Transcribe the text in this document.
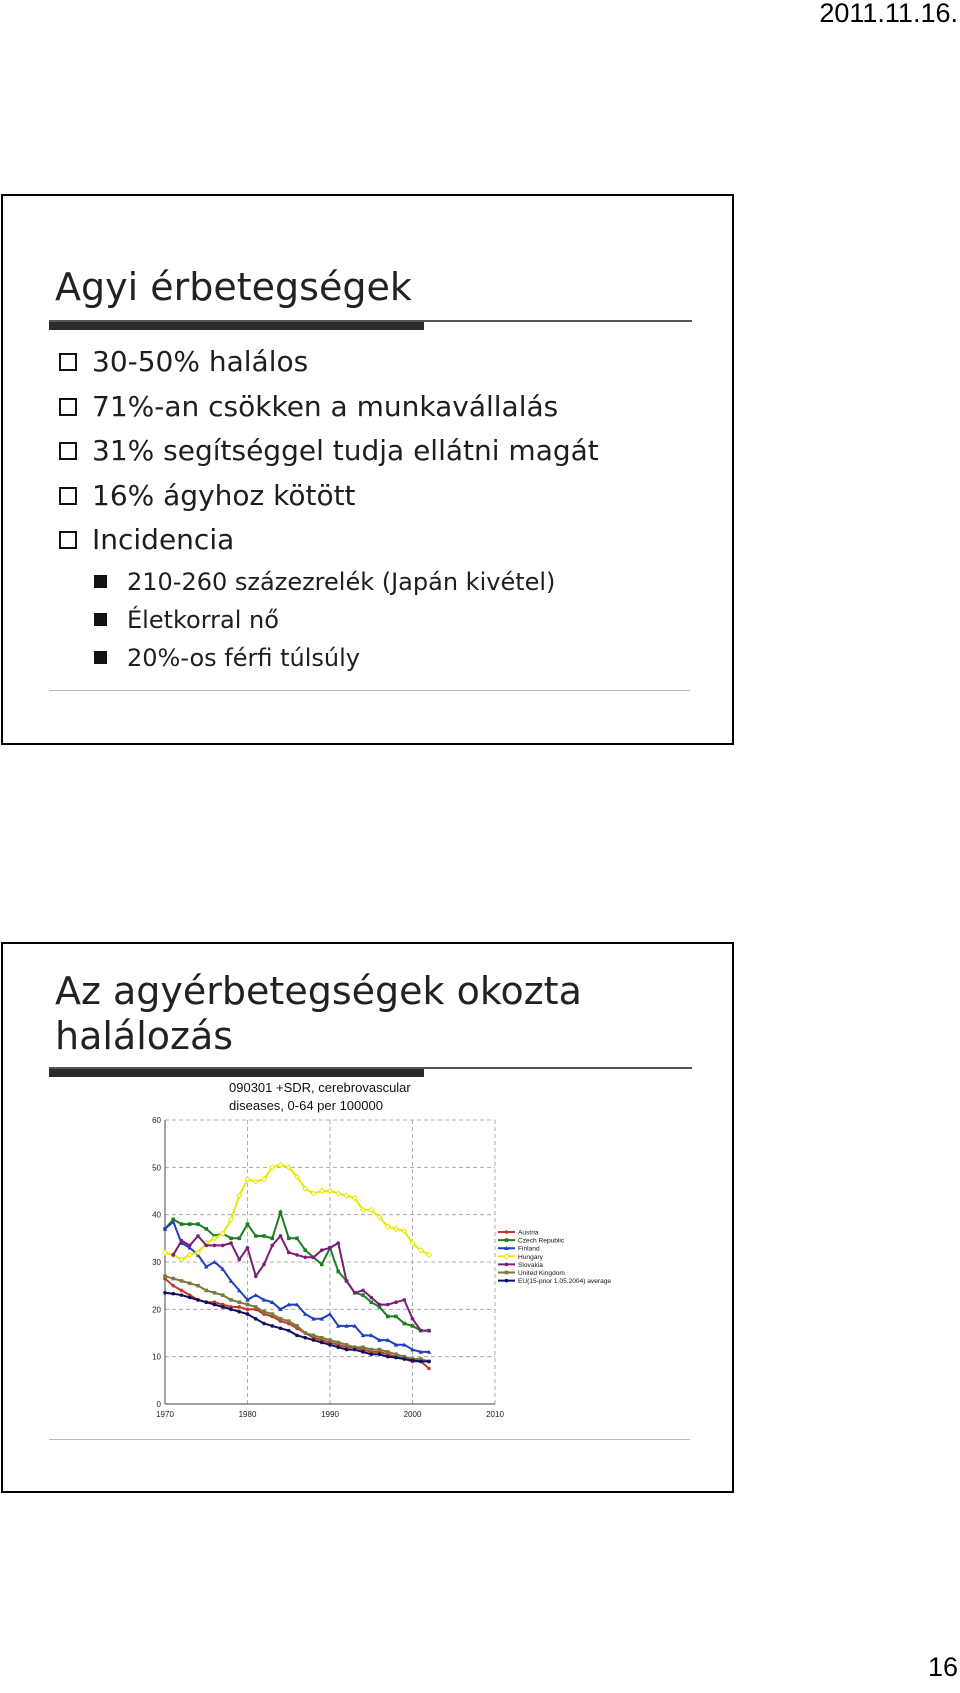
2011.11.16.
Agyi érbetegségek
30-50% halálos
71%-an csökken a munkavállalás
31% segítséggel tudja ellátni magát
16% ágyhoz kötött
Incidencia
210-260 százezrelék (Japán kivétel)
Életkorral nő
20%-os férfi túlsúly
Az agyérbetegségek okozta
halálozás
090301 +SDR, cerebrovascular
diseases, 0-64 per 100000
0
10
20
30
40
50
60
1970	1980	1990	2000	2010
Austria
Czech Republic
Finland
Hungary
Slovakia
United Kingdom
EU(15-prior 1.05.2004) average
16
